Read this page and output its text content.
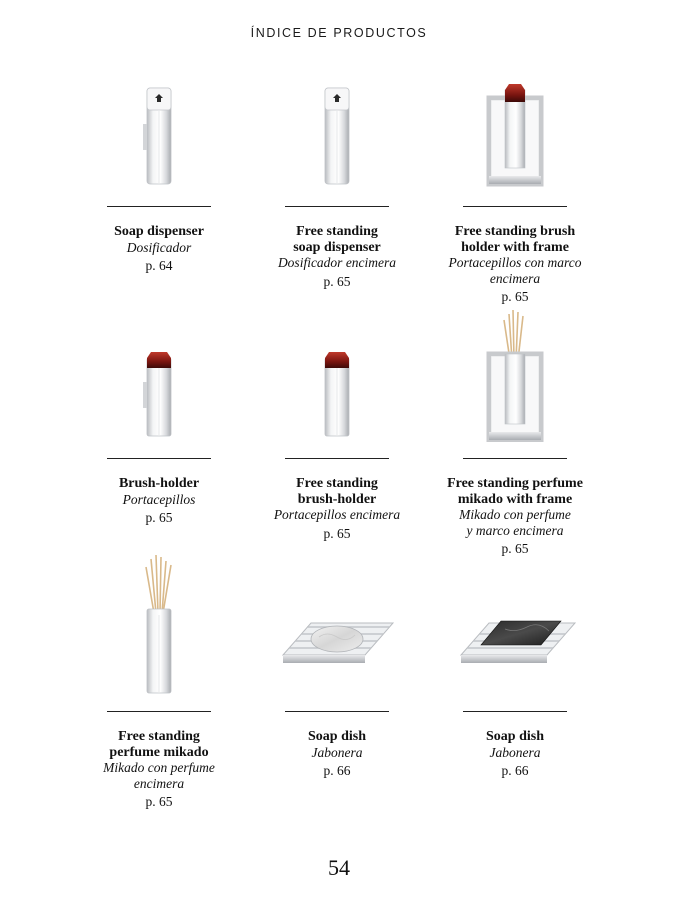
ÍNDICE DE PRODUCTOS
Soap dispenser
Dosificador
p. 64
Free standing
soap dispenser
Dosificador encimera
p. 65
Free standing brush
holder with frame
Portacepillos con marco
encimera
p. 65
Brush-holder
Portacepillos
p. 65
Free standing
brush-holder
Portacepillos encimera
p. 65
Free standing perfume
mikado with frame
Mikado con perfume
y marco encimera
p. 65
Free standing
perfume mikado
Mikado con perfume
encimera
p. 65
Soap dish
Jabonera
p. 66
Soap dish
Jabonera
p. 66
54
